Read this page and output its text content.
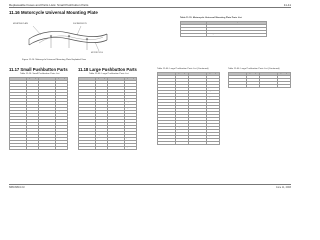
Replaceable Fuses and Parts Lists: Small Pushbutton Parts	11-11
11.16 Motorcycle Universal Mounting Plate
MOUNTING PLATE	3-SCREW BOLTS
MOTORCYCLE
Figure 11-14. Motorcycle Universal Mounting Plate Exploded View
Table 11-15. Motorcycle Universal Mounting Plate Parts List
Motorola Part No.	Description
0310944A01	Screw
0402049A01	Washer
0200003A01	Nut
6088972B04	Mounting Plate Universal
11.17 Small Pushbutton Parts
Table 11-16. Small Pushbutton Parts List
Part Number	English Legend	Part Number	English Legend
3880717U01	0	3880717U24	F1
3880717U02	1	3880717U25	F2
3880717U03	2	3880717U26	F3
3880717U04	3	3880717U27	F4
3880717U05	4	3880717U28	F5
3880717U06	5	3880717U29	F6
3880717U07	6	3880717U30	Blank
3880717U08	7	3880717U31	Hold
3880717U09	8	3880717U32	Mon
3880717U10	9	3880717U33	Scan
3880717U11	*	3880717U34	Prog
3880717U12	#	3880717U35	Call
3880717U13	A	3880717U36	Clr
3880717U14	B	3880717U37	Dir
3880717U15	C	3880717U38	Emer
3880717U16	D	3880717U39	Home
3880717U17	Blank	3880717U40	Mode
3880717U18	ABC	3880717U41	Phone
3880717U19	DEF	3880717U42	Rpt
3880717U20	GHI	3880717U43	Sel
3880717U21	JKL	3880717U44	Talk
3880717U22	MNO	3880717U45	Zone
3880717U23	PRS	3880717U46	Ack
11.18 Large Pushbutton Parts
Table 11-40. Large Pushbutton Parts List
Part Number	English Legend	Part Number	English Legend
3880946U01	Blank	3880946U24	Mon
3880946U02	Call	3880946U25	Scan
3880946U03	Clr	3880946U26	Sel
3880946U04	Dir	3880946U27	Talk
3880946U05	Emer	3880946U28	Zone
3880946U06	Home	3880946U29	Ack
3880946U07	Mode	3880946U30	Rpt
3880946U08	Phone	3880946U31	Prog
3880946U09	Hold	3880946U32	Sts
3880946U10	F1	3880946U33	Msg
3880946U11	F2	3880946U34	Pri
3880946U12	F3	3880946U35	Nuis
3880946U13	F4	3880946U36	Pwr
3880946U14	F5	3880946U37	Vol
3880946U15	F6	3880946U38	Tone
3880946U16	Scan	3880946U39	Lite
3880946U17	Mon	3880946U40	Menu
3880946U18	Sel	3880946U41	Exit
3880946U19	Prog	3880946U42	Enter
3880946U20	Rpt	3880946U43	Up
3880946U21	Talk	3880946U44	Down
3880946U22	Zone	3880946U45	Left
3880946U23	Ack	3880946U46	Right
Table 11-40. Large Pushbutton Parts List (Continued)
Part Number	English Legend	Part Number	English Legend
3880946U47	Call	3880946U70	Sel
3880946U48	Clr	3880946U71	Talk
3880946U49	Dir	3880946U72	Zone
3880946U50	Emer	3880946U73	Ack
3880946U51	Home	3880946U74	Rpt
3880946U52	Mode	3880946U75	Prog
3880946U53	Phone	3880946U76	Sts
3880946U54	Hold	3880946U77	Msg
3880946U55	F1	3880946U78	Pri
3880946U56	F2	3880946U79	Nuis
3880946U57	F3	3880946U80	Pwr
3880946U58	F4	3880946U81	Vol
3880946U59	F5	3880946U82	Tone
3880946U60	F6	3880946U83	Lite
3880946U61	Scan	3880946U84	Menu
3880946U62	Mon	3880946U85	Exit
3880946U63	Sel	3880946U86	Enter
3880946U64	Prog	3880946U87	Up
3880946U65	Rpt	3880946U88	Down
3880946U66	Talk	3880946U89	Left
3880946U67	Zone	3880946U90	Right
3880946U68	Ack	3880946U91	Blank
3880946U69	Mon	3880946U92	Hold
Table 11-40. Large Pushbutton Parts List (Continued)
Part Number	English Legend	Part Number	English Legend
3880946U93	Call	3880946U97	Dir
3880946U94	Clr	3880946U98	Emer
3880946U95	Home	3880946U99	Mode
3880946U96	Phone		
6881098C13-F	June 11, 2003
